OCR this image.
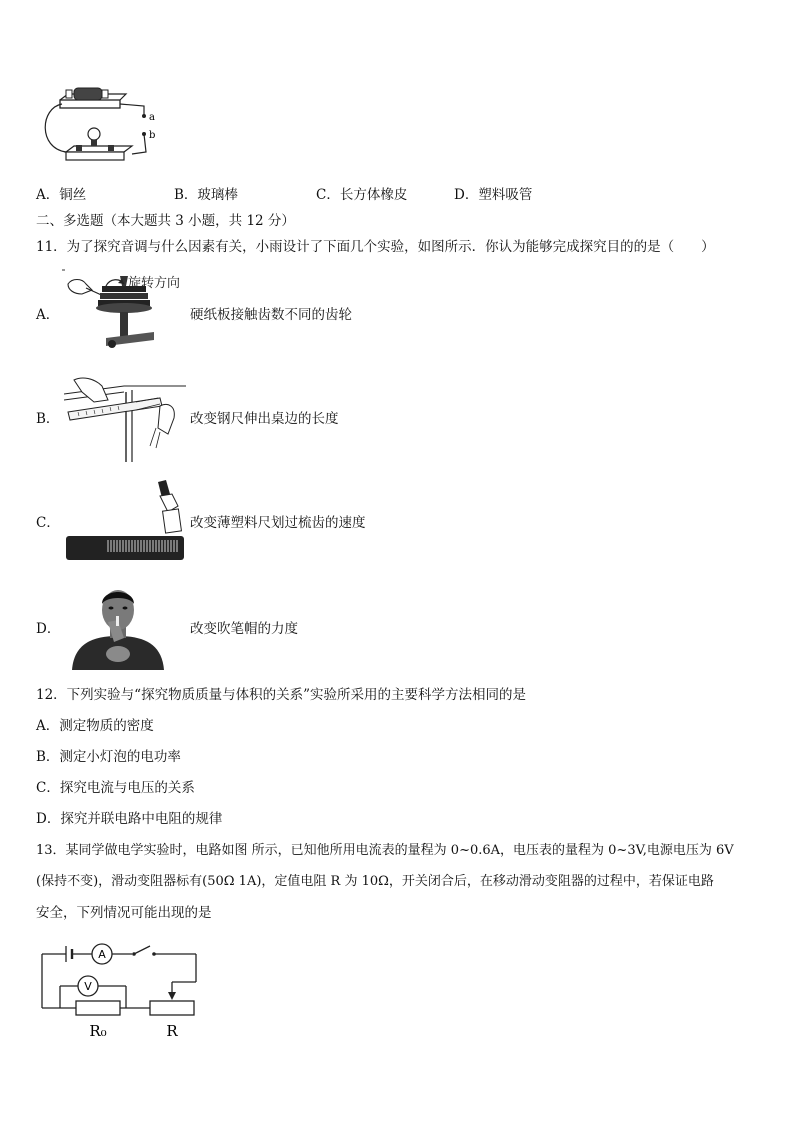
a
b
A．铜丝	B．玻璃棒	C．长方体橡皮	D．塑料吸管
二、多选题（本大题共 3 小题，共 12 分）
11．为了探究音调与什么因素有关，小雨设计了下面几个实验，如图所示．你认为能够完成探究目的的是（　　）
A．
旋转方向
硬纸板接触齿数不同的齿轮
B．	改变钢尺伸出桌边的长度
C．	改变薄塑料尺划过梳齿的速度
D．	改变吹笔帽的力度
12．下列实验与“探究物质质量与体积的关系”实验所采用的主要科学方法相同的是
A．测定物质的密度
B．测定小灯泡的电功率
C．探究电流与电压的关系
D．探究并联电路中电阻的规律
13．某同学做电学实验时，电路如图 所示，已知他所用电流表的量程为 0~0.6A，电压表的量程为 0~3V,电源电压为 6V
(保持不变)，滑动变阻器标有(50Ω 1A)，定值电阻 R 为 10Ω，开关闭合后，在移动滑动变阻器的过程中，若保证电路
安全，下列情况可能出现的是
A
V
R₀	R
